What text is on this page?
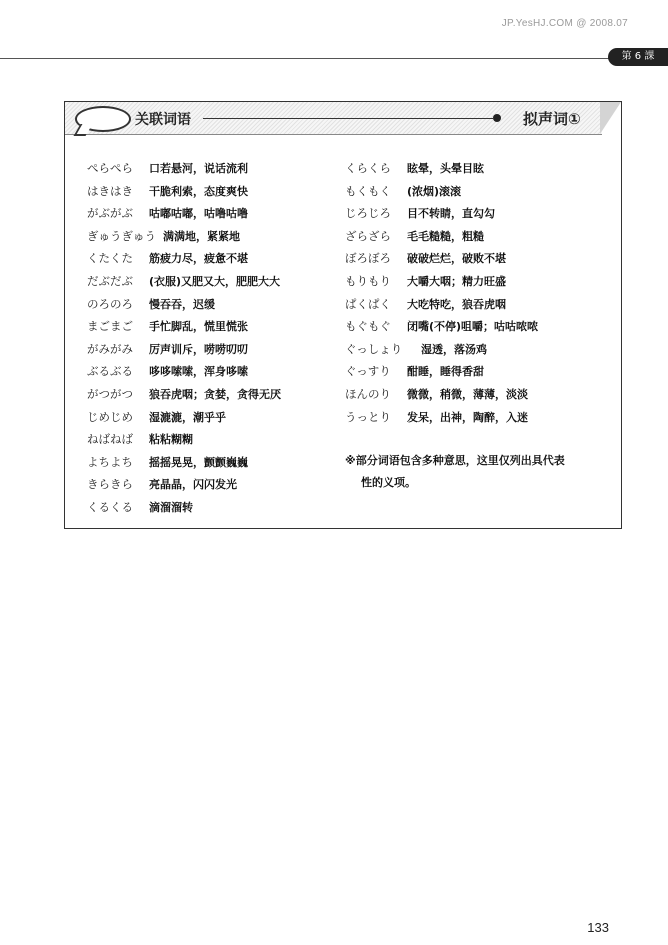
JP.YesHJ.COM @ 2008.07
第 6 課
关联词语	拟声词①
ぺらぺら 口若悬河，说话流利
はきはき 干脆利索，态度爽快
がぶがぶ 咕嘟咕嘟，咕噜咕噜
ぎゅうぎゅう 满满地，紧紧地
くたくた 筋疲力尽，疲惫不堪
だぶだぶ (衣服)又肥又大，肥肥大大
のろのろ 慢吞吞，迟缓
まごまご 手忙脚乱，慌里慌张
がみがみ 厉声训斥，唠唠叨叨
ぶるぶる 哆哆嗦嗦，浑身哆嗦
がつがつ 狼吞虎咽；贪婪，贪得无厌
じめじめ 湿漉漉，潮乎乎
ねばねば 粘粘糊糊
よちよち 摇摇晃晃，颤颤巍巍
きらきら 亮晶晶，闪闪发光
くるくる 滴溜溜转
くらくら 眩晕，头晕目眩
もくもく (浓烟)滚滚
じろじろ 目不转睛，直勾勾
ざらざら 毛毛糙糙，粗糙
ぼろぼろ 破破烂烂，破败不堪
もりもり 大嚼大咽；精力旺盛
ぱくぱく 大吃特吃，狼吞虎咽
もぐもぐ 闭嘴(不停)咀嚼；咕咕哝哝
ぐっしょり 湿透，落汤鸡
ぐっすり 酣睡，睡得香甜
ほんのり 微微，稍微，薄薄，淡淡
うっとり 发呆，出神，陶醉，入迷
※部分词语包含多种意思，这里仅列出具代表
性的义项。
133
